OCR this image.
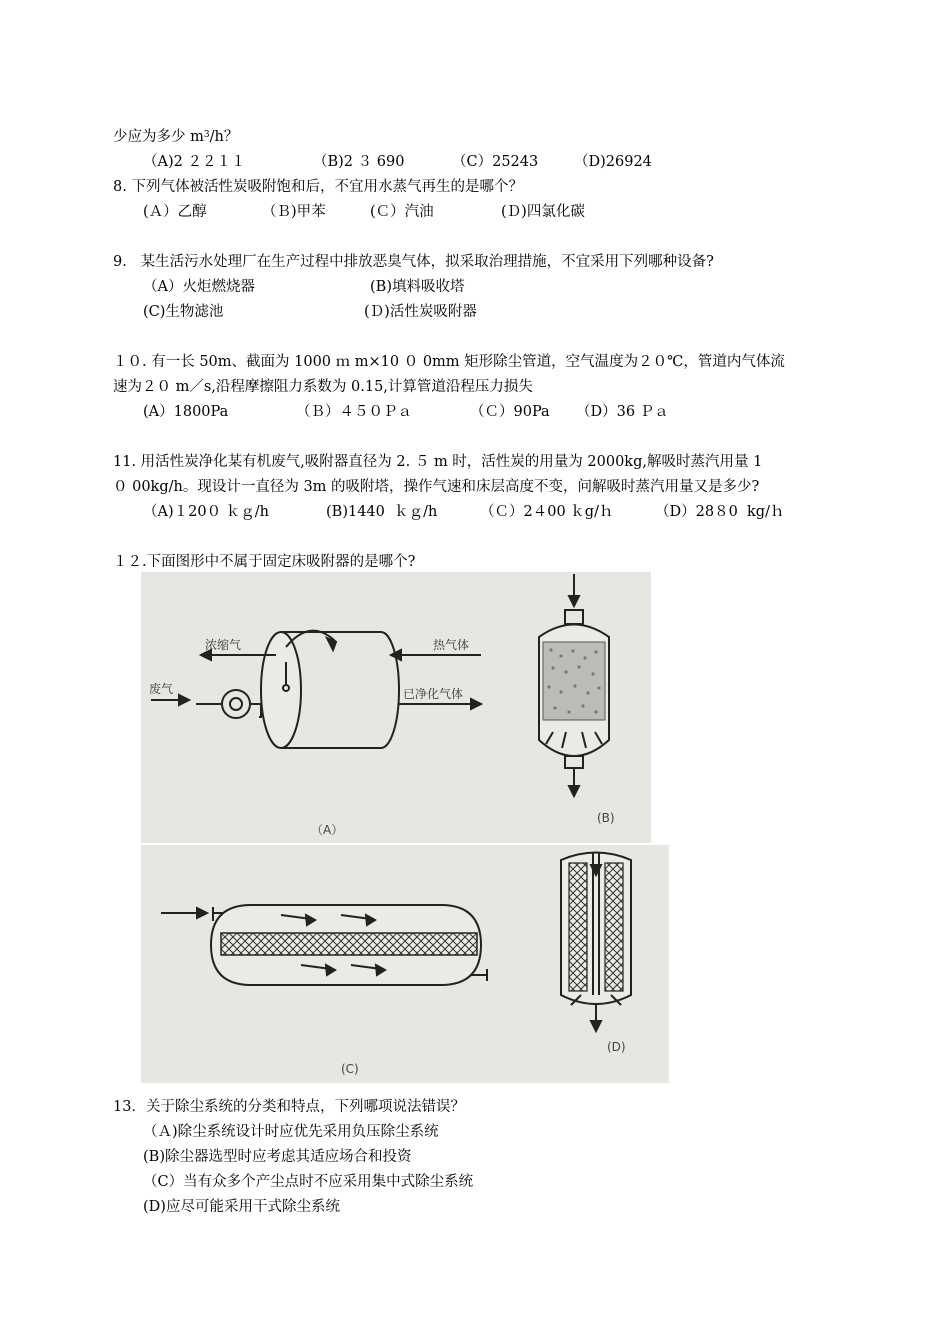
少应为多少 $m^3/h$？
（A)2 ２２１１	（B)2 ３ 690	（C）25243 （D)26924
8. 下列气体被活性炭吸附饱和后，不宜用水蒸气再生的是哪个？
(Ａ）乙醇	（Ｂ)甲苯	(Ｃ）汽油	(Ｄ)四氯化碳
9.   某生活污水处理厂在生产过程中排放恶臭气体，拟采取治理措施，不宜采用下列哪种设备?
（A）火炬燃烧器	(B)填料吸收塔
(C)生物滤池	(Ｄ)活性炭吸附器
１０. 有一长 50m、截面为 1000 ｍ m×10 ０ 0mm 矩形除尘管道，空气温度为２０℃，管道内气体流
速为２０ m／s,沿程摩擦阻力系数为 0.15,计算管道沿程压力损失
(A）1800Pa	（Ｂ）４５０Ｐａ	（Ｃ）90Pa （D）36 Ｐａ
11. 用活性炭净化某有机废气,吸附器直径为 2. ５ m 时，活性炭的用量为 2000kg,解吸时蒸汽用量 1
０ 00kg/h。现设计一直径为 3m 的吸附塔，操作气速和床层高度不变，问解吸时蒸汽用量又是多少?
（A)１20０ ｋｇ/h	(B)1440  ｋｇ/h	（Ｃ）2４00 ｋg/ｈ	（D）28８0  kg/ｈ
１２.下面图形中不属于固定床吸附器的是哪个?
浓缩气	热气体
废气	已净化气体
（A）
(B)
(C)
(D)
13．关于除尘系统的分类和特点，下列哪项说法错误？
（Ａ)除尘系统设计时应优先采用负压除尘系统
(B)除尘器选型时应考虑其适应场合和投资
（C）当有众多个产尘点时不应采用集中式除尘系统
(D)应尽可能采用干式除尘系统
